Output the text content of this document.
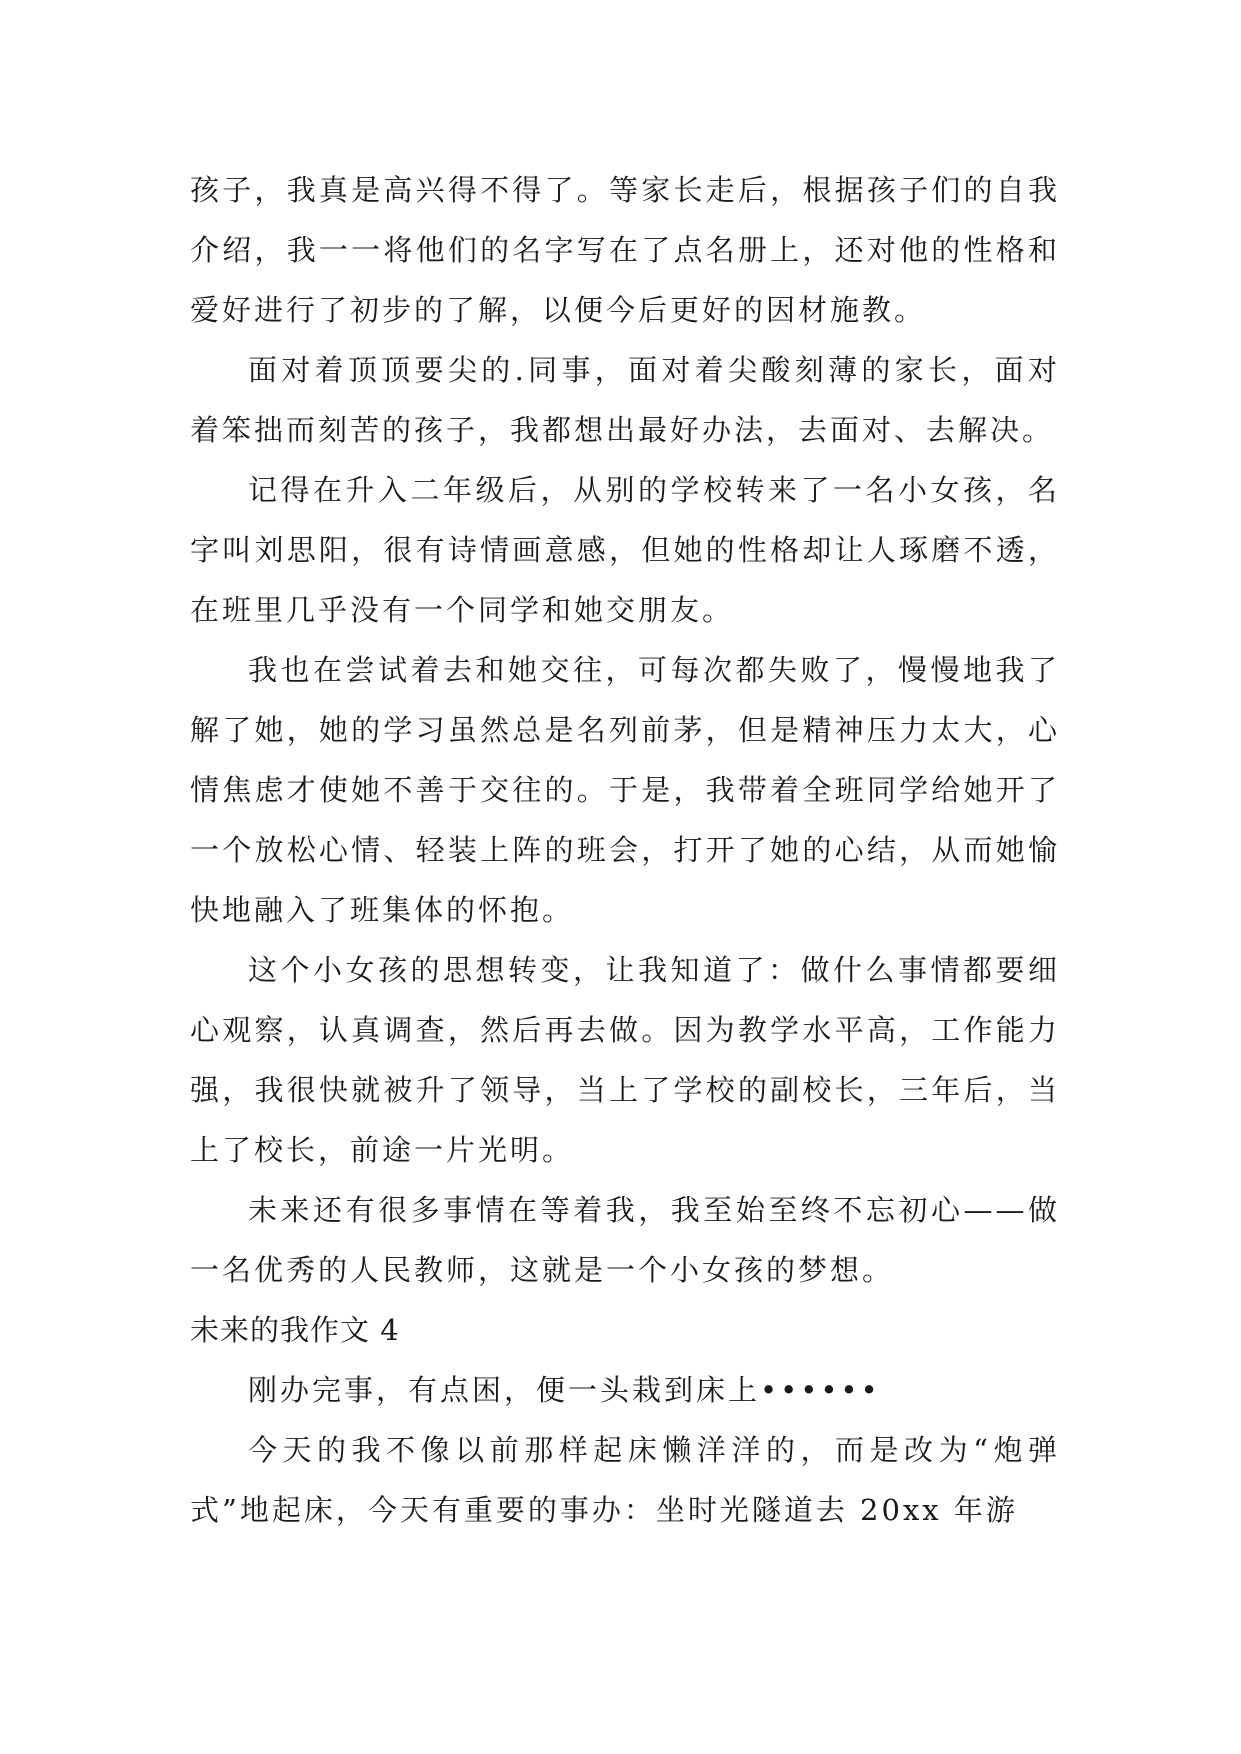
孩子，我真是高兴得不得了。等家长走后，根据孩子们的自我介绍，我一一将他们的名字写在了点名册上，还对他的性格和爱好进行了初步的了解，以便今后更好的因材施教。

面对着顶顶要尖的.同事，面对着尖酸刻薄的家长，面对着笨拙而刻苦的孩子，我都想出最好办法，去面对、去解决。

记得在升入二年级后，从别的学校转来了一名小女孩，名字叫刘思阳，很有诗情画意感，但她的性格却让人琢磨不透，在班里几乎没有一个同学和她交朋友。

我也在尝试着去和她交往，可每次都失败了，慢慢地我了解了她，她的学习虽然总是名列前茅，但是精神压力太大，心情焦虑才使她不善于交往的。于是，我带着全班同学给她开了一个放松心情、轻装上阵的班会，打开了她的心结，从而她愉快地融入了班集体的怀抱。

这个小女孩的思想转变，让我知道了：做什么事情都要细心观察，认真调查，然后再去做。因为教学水平高，工作能力强，我很快就被升了领导，当上了学校的副校长，三年后，当上了校长，前途一片光明。

未来还有很多事情在等着我，我至始至终不忘初心——做一名优秀的人民教师，这就是一个小女孩的梦想。

未来的我作文 4

刚办完事，有点困，便一头栽到床上••••••

今天的我不像以前那样起床懒洋洋的，而是改为“炮弹式”地起床，今天有重要的事办：坐时光隧道去 20xx 年游
